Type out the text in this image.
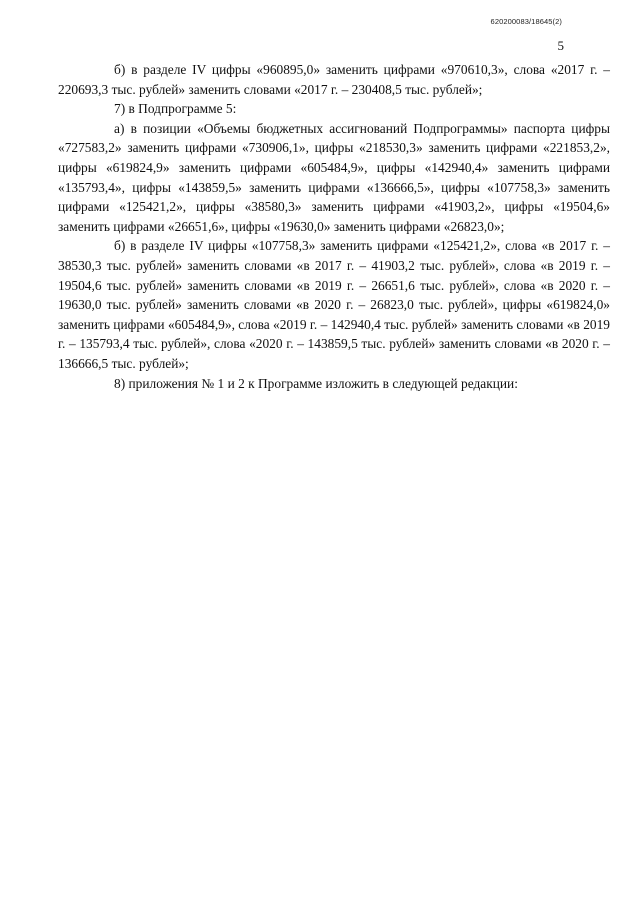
620200083/18645(2)
5

б) в разделе IV цифры «960895,0» заменить цифрами «970610,3», слова «2017 г. – 220693,3 тыс. рублей» заменить словами «2017 г. – 230408,5 тыс. рублей»;

7) в Подпрограмме 5:

а) в позиции «Объемы бюджетных ассигнований Подпрограммы» паспорта цифры «727583,2» заменить цифрами «730906,1», цифры «218530,3» заменить цифрами «221853,2», цифры «619824,9» заменить цифрами «605484,9», цифры «142940,4» заменить цифрами «135793,4», цифры «143859,5» заменить цифрами «136666,5», цифры «107758,3» заменить цифрами «125421,2», цифры «38580,3» заменить цифрами «41903,2», цифры «19504,6» заменить цифрами «26651,6», цифры «19630,0» заменить цифрами «26823,0»;

б) в разделе IV цифры «107758,3» заменить цифрами «125421,2», слова «в 2017 г. – 38530,3 тыс. рублей» заменить словами «в 2017 г. – 41903,2 тыс. рублей», слова «в 2019 г. – 19504,6 тыс. рублей» заменить словами «в 2019 г. – 26651,6 тыс. рублей», слова «в 2020 г. – 19630,0 тыс. рублей» заменить словами «в 2020 г. – 26823,0 тыс. рублей», цифры «619824,0» заменить цифрами «605484,9», слова «2019 г. – 142940,4 тыс. рублей» заменить словами «в 2019 г. – 135793,4 тыс. рублей», слова «2020 г. – 143859,5 тыс. рублей» заменить словами «в 2020 г. – 136666,5 тыс. рублей»;

8) приложения № 1 и 2 к Программе изложить в следующей редакции:
